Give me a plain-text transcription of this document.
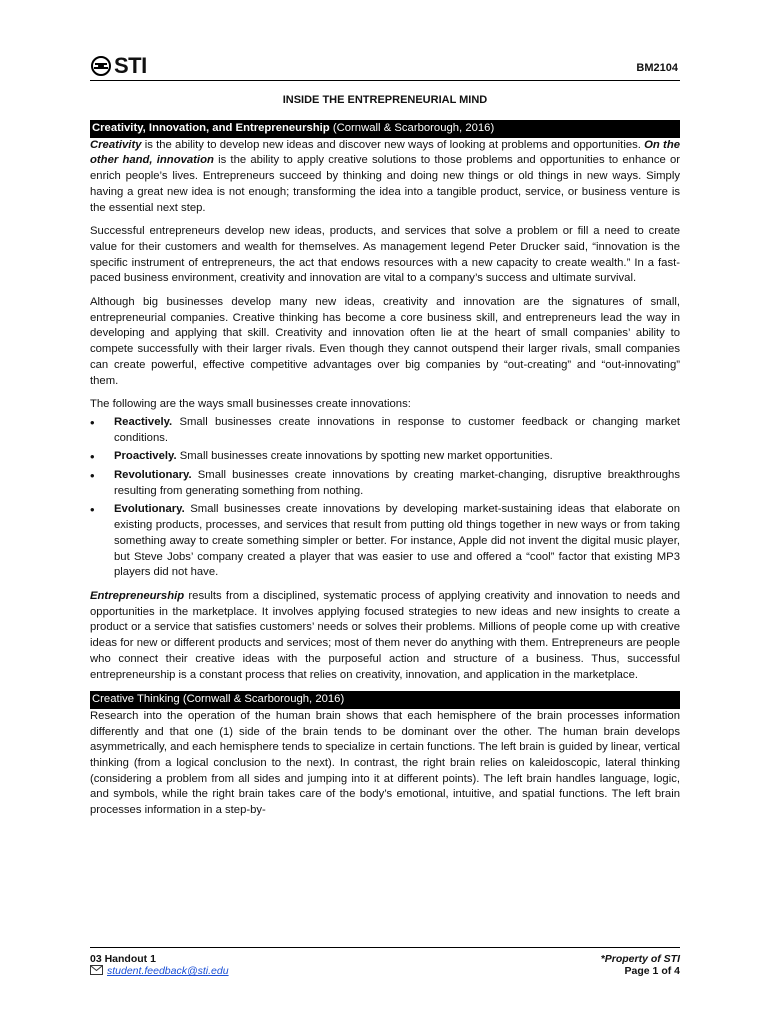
STI	BM2104
INSIDE THE ENTREPRENEURIAL MIND
Creativity, Innovation, and Entrepreneurship (Cornwall & Scarborough, 2016)

Creativity is the ability to develop new ideas and discover new ways of looking at problems and opportunities. On the other hand, innovation is the ability to apply creative solutions to those problems and opportunities to enhance or enrich people’s lives. Entrepreneurs succeed by thinking and doing new things or old things in new ways. Simply having a great new idea is not enough; transforming the idea into a tangible product, service, or business venture is the essential next step.

Successful entrepreneurs develop new ideas, products, and services that solve a problem or fill a need to create value for their customers and wealth for themselves. As management legend Peter Drucker said, “innovation is the specific instrument of entrepreneurs, the act that endows resources with a new capacity to create wealth.” In a fast-paced business environment, creativity and innovation are vital to a company’s success and ultimate survival.

Although big businesses develop many new ideas, creativity and innovation are the signatures of small, entrepreneurial companies. Creative thinking has become a core business skill, and entrepreneurs lead the way in developing and applying that skill. Creativity and innovation often lie at the heart of small companies’ ability to compete successfully with their larger rivals. Even though they cannot outspend their larger rivals, small companies can create powerful, effective competitive advantages over big companies by “out-creating” and “out-innovating” them.

The following are the ways small businesses create innovations:

• Reactively. Small businesses create innovations in response to customer feedback or changing market conditions.
• Proactively. Small businesses create innovations by spotting new market opportunities.
• Revolutionary. Small businesses create innovations by creating market-changing, disruptive breakthroughs resulting from generating something from nothing.
• Evolutionary. Small businesses create innovations by developing market-sustaining ideas that elaborate on existing products, processes, and services that result from putting old things together in new ways or from taking something away to create something simpler or better. For instance, Apple did not invent the digital music player, but Steve Jobs’ company created a player that was easier to use and offered a “cool” factor that existing MP3 players did not have.

Entrepreneurship results from a disciplined, systematic process of applying creativity and innovation to needs and opportunities in the marketplace. It involves applying focused strategies to new ideas and new insights to create a product or a service that satisfies customers’ needs or solves their problems. Millions of people come up with creative ideas for new or different products and services; most of them never do anything with them. Entrepreneurs are people who connect their creative ideas with the purposeful action and structure of a business. Thus, successful entrepreneurship is a constant process that relies on creativity, innovation, and application in the marketplace.

Creative Thinking (Cornwall & Scarborough, 2016)

Research into the operation of the human brain shows that each hemisphere of the brain processes information differently and that one (1) side of the brain tends to be dominant over the other. The human brain develops asymmetrically, and each hemisphere tends to specialize in certain functions. The left brain is guided by linear, vertical thinking (from a logical conclusion to the next). In contrast, the right brain relies on kaleidoscopic, lateral thinking (considering a problem from all sides and jumping into it at different points). The left brain handles language, logic, and symbols, while the right brain takes care of the body’s emotional, intuitive, and spatial functions. The left brain processes information in a step-by-

03 Handout 1
student.feedback@sti.edu
*Property of STI
Page 1 of 4
